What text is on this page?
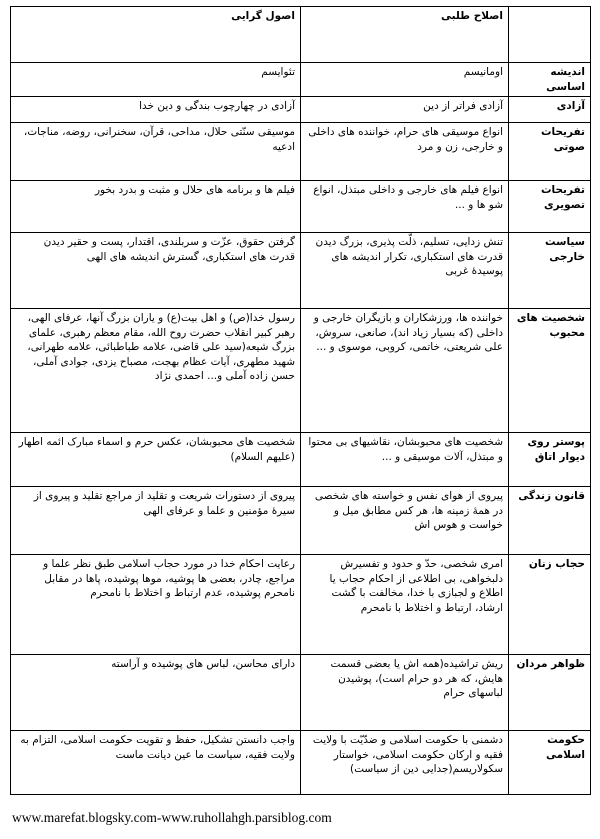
	اصلاح طلبی	اصول گرایی
اندیشه اساسی	اومانیسم	تئوایسم
آزادی	آزادی فراتر از دین	آزادی در چهارچوب بندگی و دین خدا
تفریحات صوتی	انواع موسیقی های حرام، خواننده های داخلی و خارجی، زن و مرد	موسیقی سنّتی حلال، مداحی، قرآن، سخنرانی، روضه، مناجات، ادعیه
تفریحات تصویری	انواع فیلم های خارجی و داخلی مبتذل، انواع شو ها و ...	فیلم ها و برنامه های حلال و مثبت و بدرد بخور
سیاست خارجی	تنش زدایی، تسلیم، ذلّت پذیری، بزرگ دیدن قدرت های استکباری، تکرار اندیشه های پوسیدهٔ غربی	گرفتن حقوق، عزّت و سربلندی، اقتدار، پست و حقیر دیدن قدرت های استکباری، گسترش اندیشه های الهی
شخصیت های محبوب	خواننده ها، ورزشکاران و بازیگران خارجی و داخلی (که بسیار زیاد اند)، صانعی، سروش، علی شریعتی، خاتمی، کروبی، موسوی و ...	رسول خدا(ص) و اهل بیت(ع) و یاران بزرگ آنها، عرفای الهی، رهبر کبیر انقلاب حضرت روح الله، مقام معظم رهبری، علمای بزرگ شیعه(سید علی قاضی، علامه طباطبائی، علامه طهرانی، شهید مطهری، آیات عظام بهجت، مصباح یزدی، جوادی آملی، حسن زاده آملی و... احمدی نژاد
پوستر روی دیوار اتاق	شخصیت های محبوبشان، نقاشیهای بی محتوا و مبتذل، آلات موسیقی و ...	شخصیت های محبوبشان، عکس حرم و اسماء مبارک ائمه اطهار (علیهم السلام)
قانون زندگی	پیروی از هوای نفس و خواسته های شخصی در همهٔ زمینه ها، هر کس مطابق میل و خواست و هوس اش	پیروی از دستورات شریعت و تقلید از مراجع تقلید و پیروی از سیرهٔ مؤمنین و علما و عرفای الهی
حجاب زنان	امری شخصی، حدّ و حدود و تفسیرش دلبخواهی، بی اطلاعی از احکام حجاب یا اطلاع و لجبازی با خدا، مخالفت با گشت ارشاد، ارتباط و اختلاط با نامحرم	رعایت احکام خدا در مورد حجاب اسلامی طبق نظر علما و مراجع، چادر، بعضی ها پوشیه، موها پوشیده، پاها در مقابل نامحرم پوشیده، عدم ارتباط و اختلاط با نامحرم
ظواهر مردان	ریش تراشیده(همه اش یا بعضی قسمت هایش، که هر دو حرام است)، پوشیدن لباسهای حرام	دارای محاسن، لباس های پوشیده و آراسته
حکومت اسلامی	دشمنی با حکومت اسلامی و ضدّیّت با ولایت فقیه و ارکان حکومت اسلامی، خواستار سکولاریسم(جدایی دین از سیاست)	واجب دانستن تشکیل، حفظ و تقویت حکومت اسلامی، التزام به ولایت فقیه، سیاست ما عین دیانت ماست
www.marefat.blogsky.com-www.ruhollahgh.parsiblog.com
